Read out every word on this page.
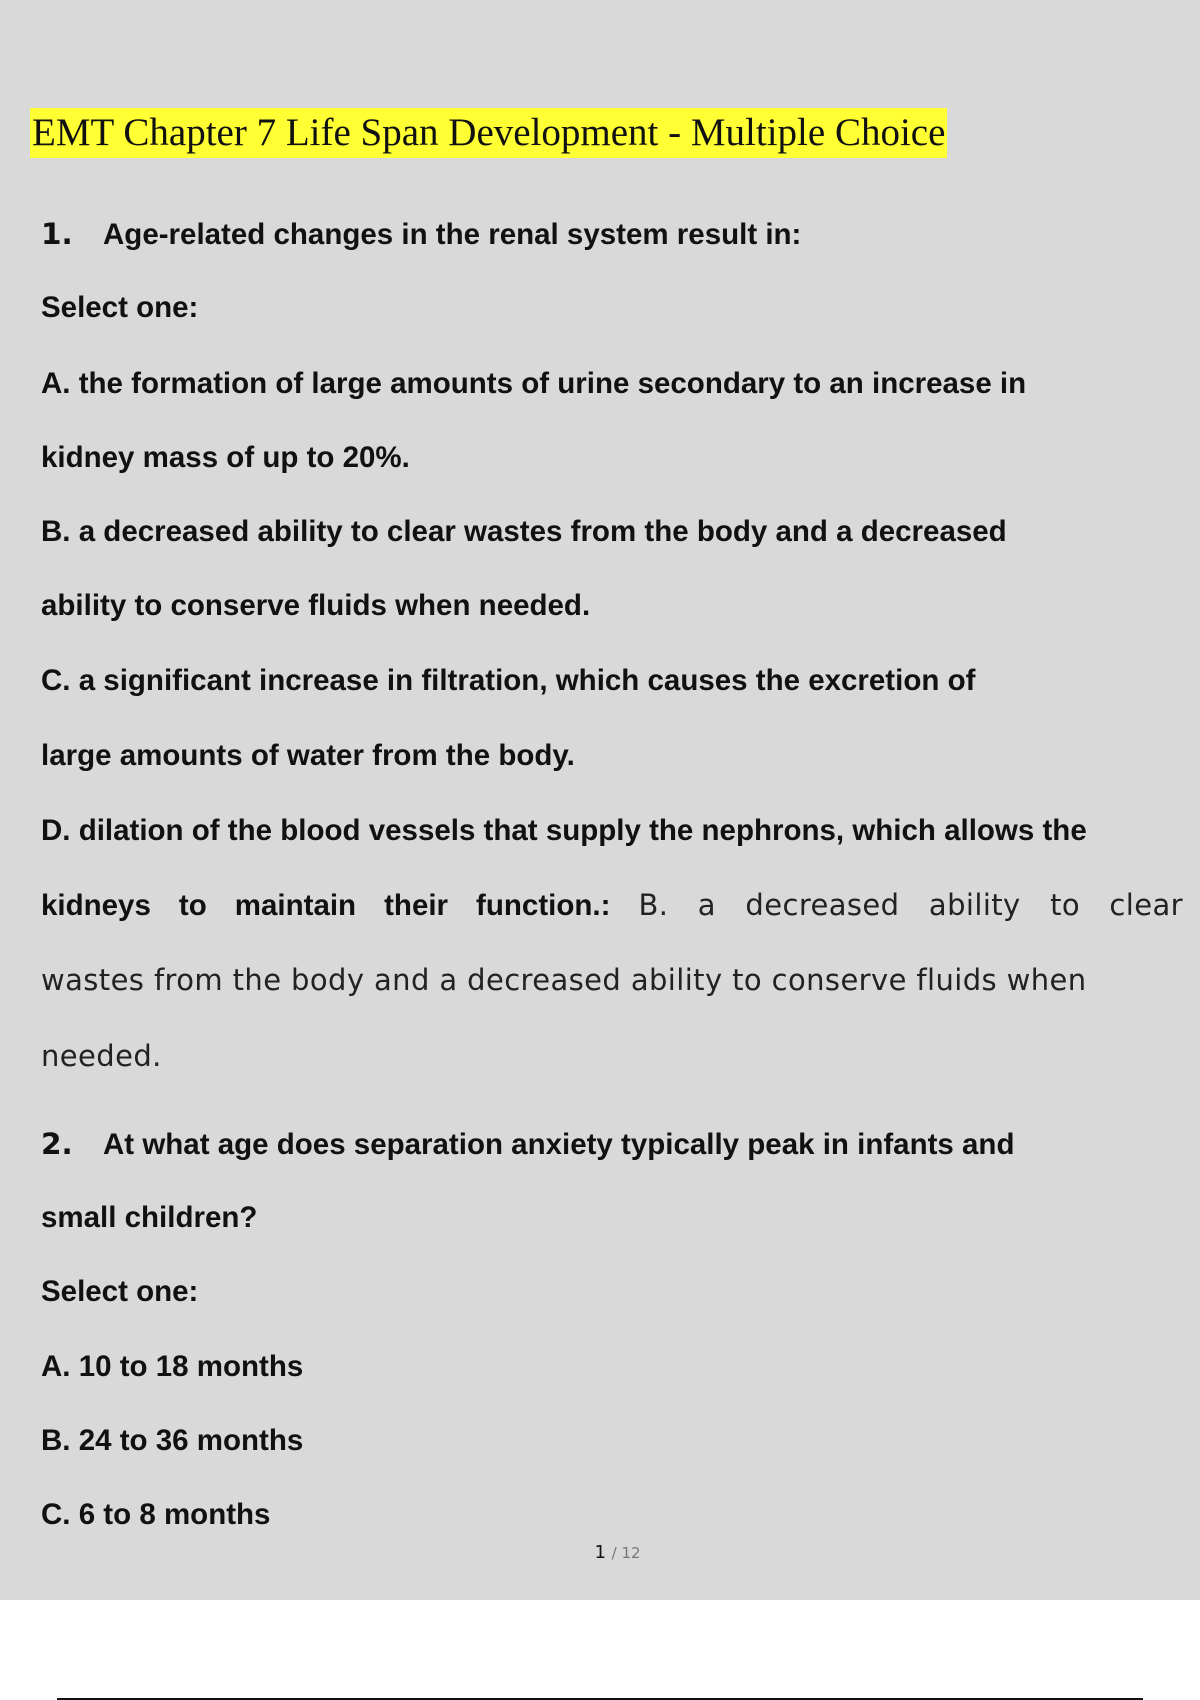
EMT Chapter 7 Life Span Development - Multiple Choice
1. Age-related changes in the renal system result in:
Select one:
A. the formation of large amounts of urine secondary to an increase in
kidney mass of up to 20%.
B. a decreased ability to clear wastes from the body and a decreased
ability to conserve fluids when needed.
C. a significant increase in filtration, which causes the excretion of
large amounts of water from the body.
D. dilation of the blood vessels that supply the nephrons, which allows the
kidneys to maintain their function.: B. a decreased ability to clear
wastes from the body and a decreased ability to conserve fluids when
needed.
2. At what age does separation anxiety typically peak in infants and
small children?
Select one:
A. 10 to 18 months
B. 24 to 36 months
C. 6 to 8 months
1 / 12
